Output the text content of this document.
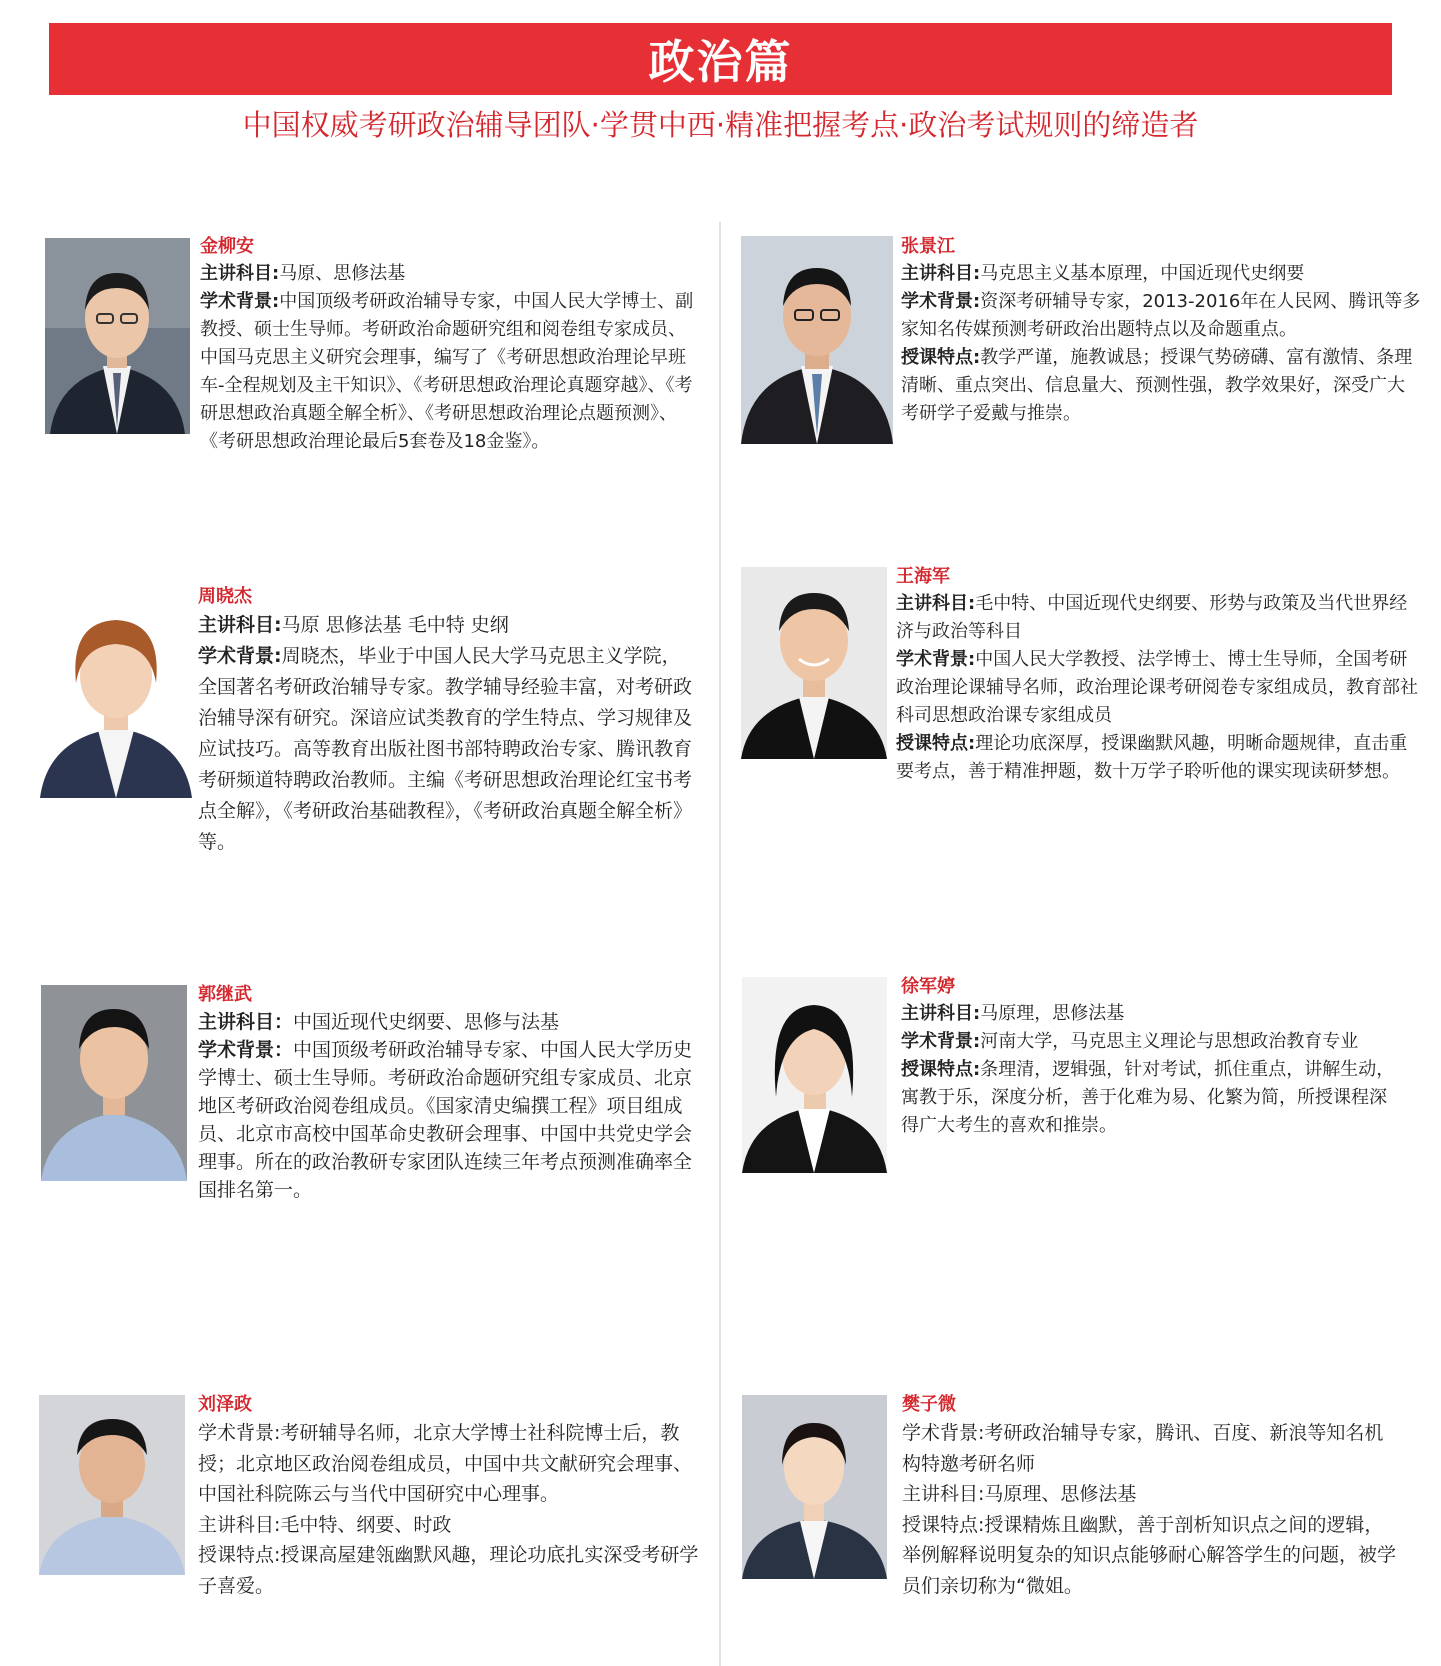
政治篇
中国权威考研政治辅导团队·学贯中西·精准把握考点·政治考试规则的缔造者
金柳安

主讲科目:马原、思修法基

学术背景:中国顶级考研政治辅导专家，中国人民大学博士、副教授、硕士生导师。考研政治命题研究组和阅卷组专家成员、中国马克思主义研究会理事，编写了《考研思想政治理论早班车-全程规划及主干知识》、《考研思想政治理论真题穿越》、《考研思想政治真题全解全析》、《考研思想政治理论点题预测》、《考研思想政治理论最后5套卷及18金鉴》。

张景江

主讲科目:马克思主义基本原理，中国近现代史纲要

学术背景:资深考研辅导专家，2013-2016年在人民网、腾讯等多家知名传媒预测考研政治出题特点以及命题重点。

授课特点:教学严谨，施教诚恳；授课气势磅礴、富有激情、条理清晰、重点突出、信息量大、预测性强，教学效果好，深受广大考研学子爱戴与推崇。

周晓杰

主讲科目:马原 思修法基 毛中特 史纲

学术背景:周晓杰，毕业于中国人民大学马克思主义学院，全国著名考研政治辅导专家。教学辅导经验丰富，对考研政治辅导深有研究。深谙应试类教育的学生特点、学习规律及应试技巧。高等教育出版社图书部特聘政治专家、腾讯教育考研频道特聘政治教师。主编《考研思想政治理论红宝书考点全解》，《考研政治基础教程》，《考研政治真题全解全析》等。

王海军

主讲科目:毛中特、中国近现代史纲要、形势与政策及当代世界经济与政治等科目

学术背景:中国人民大学教授、法学博士、博士生导师，全国考研政治理论课辅导名师，政治理论课考研阅卷专家组成员，教育部社科司思想政治课专家组成员

授课特点:理论功底深厚，授课幽默风趣，明晰命题规律，直击重要考点，善于精准押题，数十万学子聆听他的课实现读研梦想。

郭继武

主讲科目：中国近现代史纲要、思修与法基

学术背景：中国顶级考研政治辅导专家、中国人民大学历史学博士、硕士生导师。考研政治命题研究组专家成员、北京地区考研政治阅卷组成员。《国家清史编撰工程》项目组成员、北京市高校中国革命史教研会理事、中国中共党史学会理事。所在的政治教研专家团队连续三年考点预测准确率全国排名第一。

徐军婷

主讲科目:马原理，思修法基

学术背景:河南大学，马克思主义理论与思想政治教育专业

授课特点:条理清，逻辑强，针对考试，抓住重点，讲解生动，寓教于乐，深度分析，善于化难为易、化繁为简，所授课程深得广大考生的喜欢和推崇。

刘泽政

学术背景:考研辅导名师，北京大学博士社科院博士后，教授；北京地区政治阅卷组成员，中国中共文献研究会理事、中国社科院陈云与当代中国研究中心理事。

主讲科目:毛中特、纲要、时政

授课特点:授课高屋建瓴幽默风趣，理论功底扎实深受考研学子喜爱。

樊子微

学术背景:考研政治辅导专家，腾讯、百度、新浪等知名机构特邀考研名师

主讲科目:马原理、思修法基

授课特点:授课精炼且幽默，善于剖析知识点之间的逻辑，举例解释说明复杂的知识点能够耐心解答学生的问题，被学员们亲切称为“微姐。
